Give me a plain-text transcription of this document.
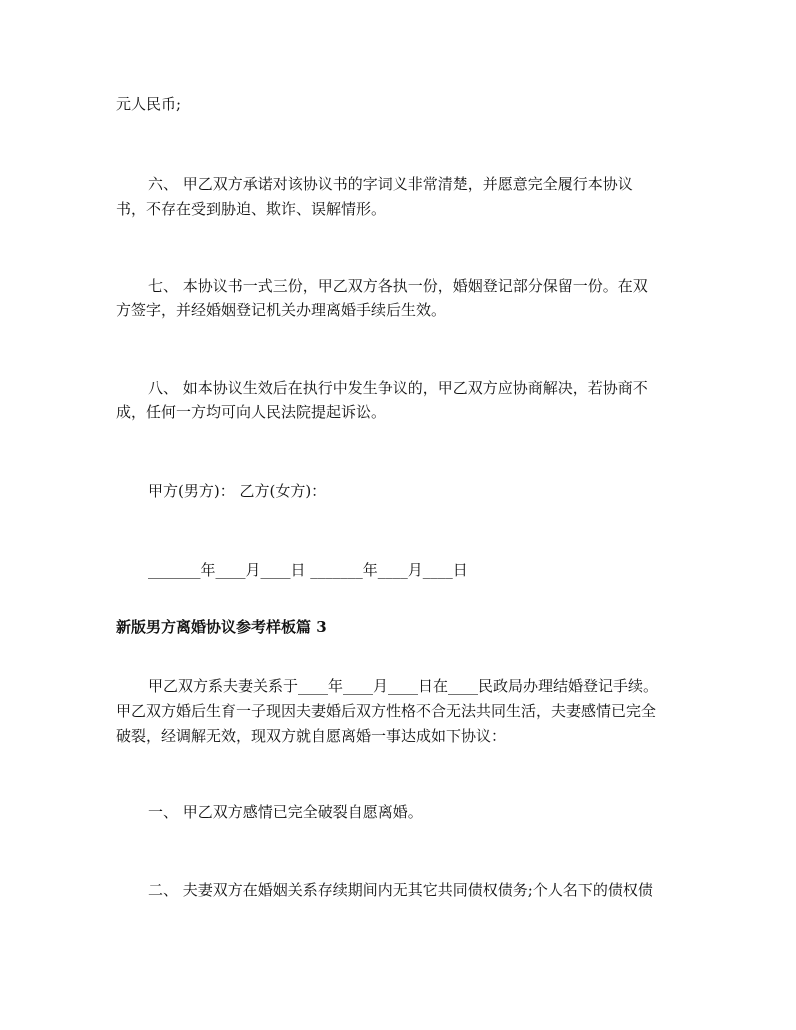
元人民币;
六、 甲乙双方承诺对该协议书的字词义非常清楚，并愿意完全履行本协议
书，不存在受到胁迫、欺诈、误解情形。
七、 本协议书一式三份，甲乙双方各执一份，婚姻登记部分保留一份。在双
方签字，并经婚姻登记机关办理离婚手续后生效。
八、 如本协议生效后在执行中发生争议的，甲乙双方应协商解决，若协商不
成，任何一方均可向人民法院提起诉讼。
甲方(男方)： 乙方(女方)：
_______年____月____日 _______年____月____日
新版男方离婚协议参考样板篇 3
甲乙双方系夫妻关系于____年____月____日在____民政局办理结婚登记手续。
甲乙双方婚后生育一子现因夫妻婚后双方性格不合无法共同生活，夫妻感情已完全
破裂，经调解无效，现双方就自愿离婚一事达成如下协议：
一、 甲乙双方感情已完全破裂自愿离婚。
二、 夫妻双方在婚姻关系存续期间内无其它共同债权债务;个人名下的债权债
